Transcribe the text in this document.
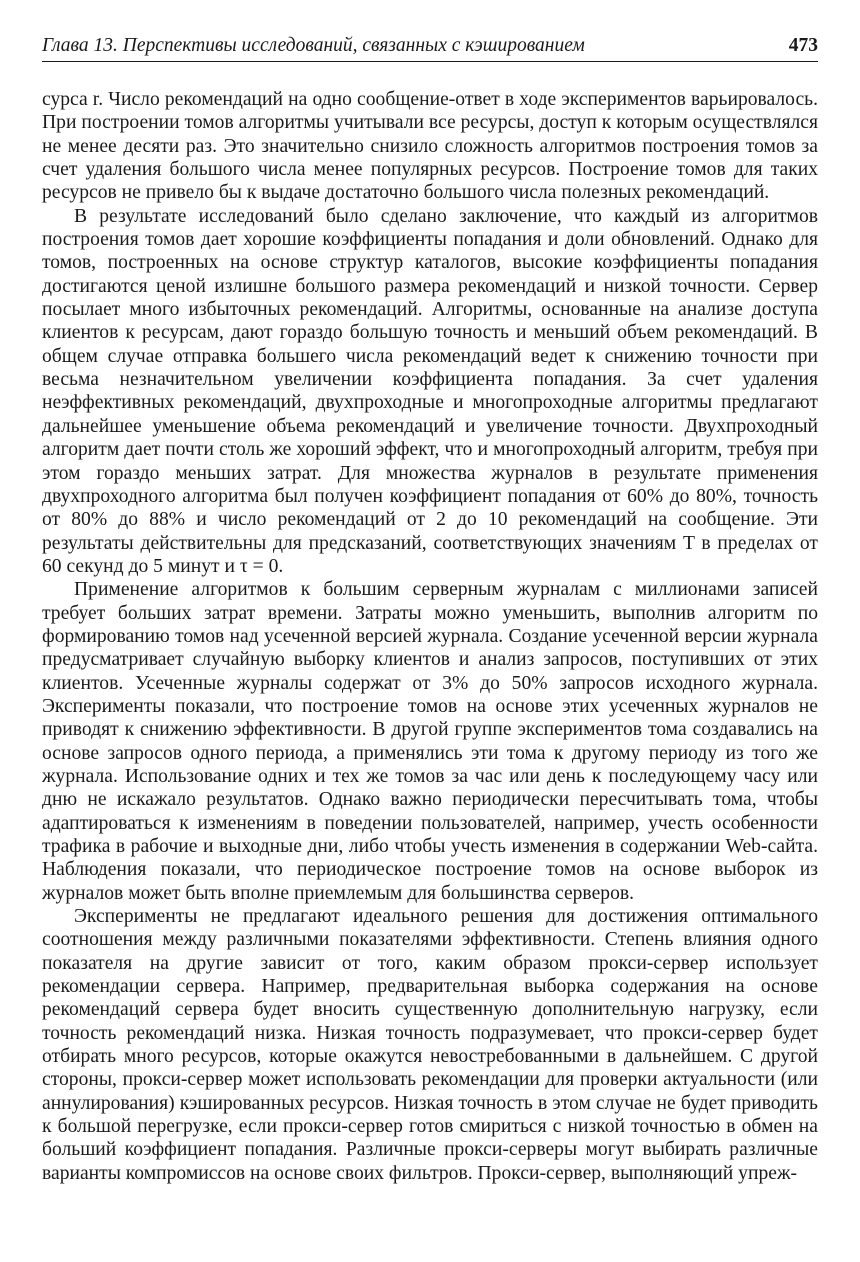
Глава 13. Перспективы исследований, связанных с кэшированием	473

сурса r. Число рекомендаций на одно сообщение-ответ в ходе экспериментов варьировалось. При построении томов алгоритмы учитывали все ресурсы, доступ к которым осуществлялся не менее десяти раз. Это значительно снизило сложность алгоритмов построения томов за счет удаления большого числа менее популярных ресурсов. Построение томов для таких ресурсов не привело бы к выдаче достаточно большого числа полезных рекомендаций.

В результате исследований было сделано заключение, что каждый из алгоритмов построения томов дает хорошие коэффициенты попадания и доли обновлений. Однако для томов, построенных на основе структур каталогов, высокие коэффициенты попадания достигаются ценой излишне большого размера рекомендаций и низкой точности. Сервер посылает много избыточных рекомендаций. Алгоритмы, основанные на анализе доступа клиентов к ресурсам, дают гораздо большую точность и меньший объем рекомендаций. В общем случае отправка большего числа рекомендаций ведет к снижению точности при весьма незначительном увеличении коэффициента попадания. За счет удаления неэффективных рекомендаций, двухпроходные и многопроходные алгоритмы предлагают дальнейшее уменьшение объема рекомендаций и увеличение точности. Двухпроходный алгоритм дает почти столь же хороший эффект, что и многопроходный алгоритм, требуя при этом гораздо меньших затрат. Для множества журналов в результате применения двухпроходного алгоритма был получен коэффициент попадания от 60% до 80%, точность от 80% до 88% и число рекомендаций от 2 до 10 рекомендаций на сообщение. Эти результаты действительны для предсказаний, соответствующих значениям T в пределах от 60 секунд до 5 минут и τ = 0.

Применение алгоритмов к большим серверным журналам с миллионами записей требует больших затрат времени. Затраты можно уменьшить, выполнив алгоритм по формированию томов над усеченной версией журнала. Создание усеченной версии журнала предусматривает случайную выборку клиентов и анализ запросов, поступивших от этих клиентов. Усеченные журналы содержат от 3% до 50% запросов исходного журнала. Эксперименты показали, что построение томов на основе этих усеченных журналов не приводят к снижению эффективности. В другой группе экспериментов тома создавались на основе запросов одного периода, а применялись эти тома к другому периоду из того же журнала. Использование одних и тех же томов за час или день к последующему часу или дню не искажало результатов. Однако важно периодически пересчитывать тома, чтобы адаптироваться к изменениям в поведении пользователей, например, учесть особенности трафика в рабочие и выходные дни, либо чтобы учесть изменения в содержании Web-сайта. Наблюдения показали, что периодическое построение томов на основе выборок из журналов может быть вполне приемлемым для большинства серверов.

Эксперименты не предлагают идеального решения для достижения оптимального соотношения между различными показателями эффективности. Степень влияния одного показателя на другие зависит от того, каким образом прокси-сервер использует рекомендации сервера. Например, предварительная выборка содержания на основе рекомендаций сервера будет вносить существенную дополнительную нагрузку, если точность рекомендаций низка. Низкая точность подразумевает, что прокси-сервер будет отбирать много ресурсов, которые окажутся невостребованными в дальнейшем. С другой стороны, прокси-сервер может использовать рекомендации для проверки актуальности (или аннулирования) кэшированных ресурсов. Низкая точность в этом случае не будет приводить к большой перегрузке, если прокси-сервер готов смириться с низкой точностью в обмен на больший коэффициент попадания. Различные прокси-серверы могут выбирать различные варианты компромиссов на основе своих фильтров. Прокси-сервер, выполняющий упреж-
